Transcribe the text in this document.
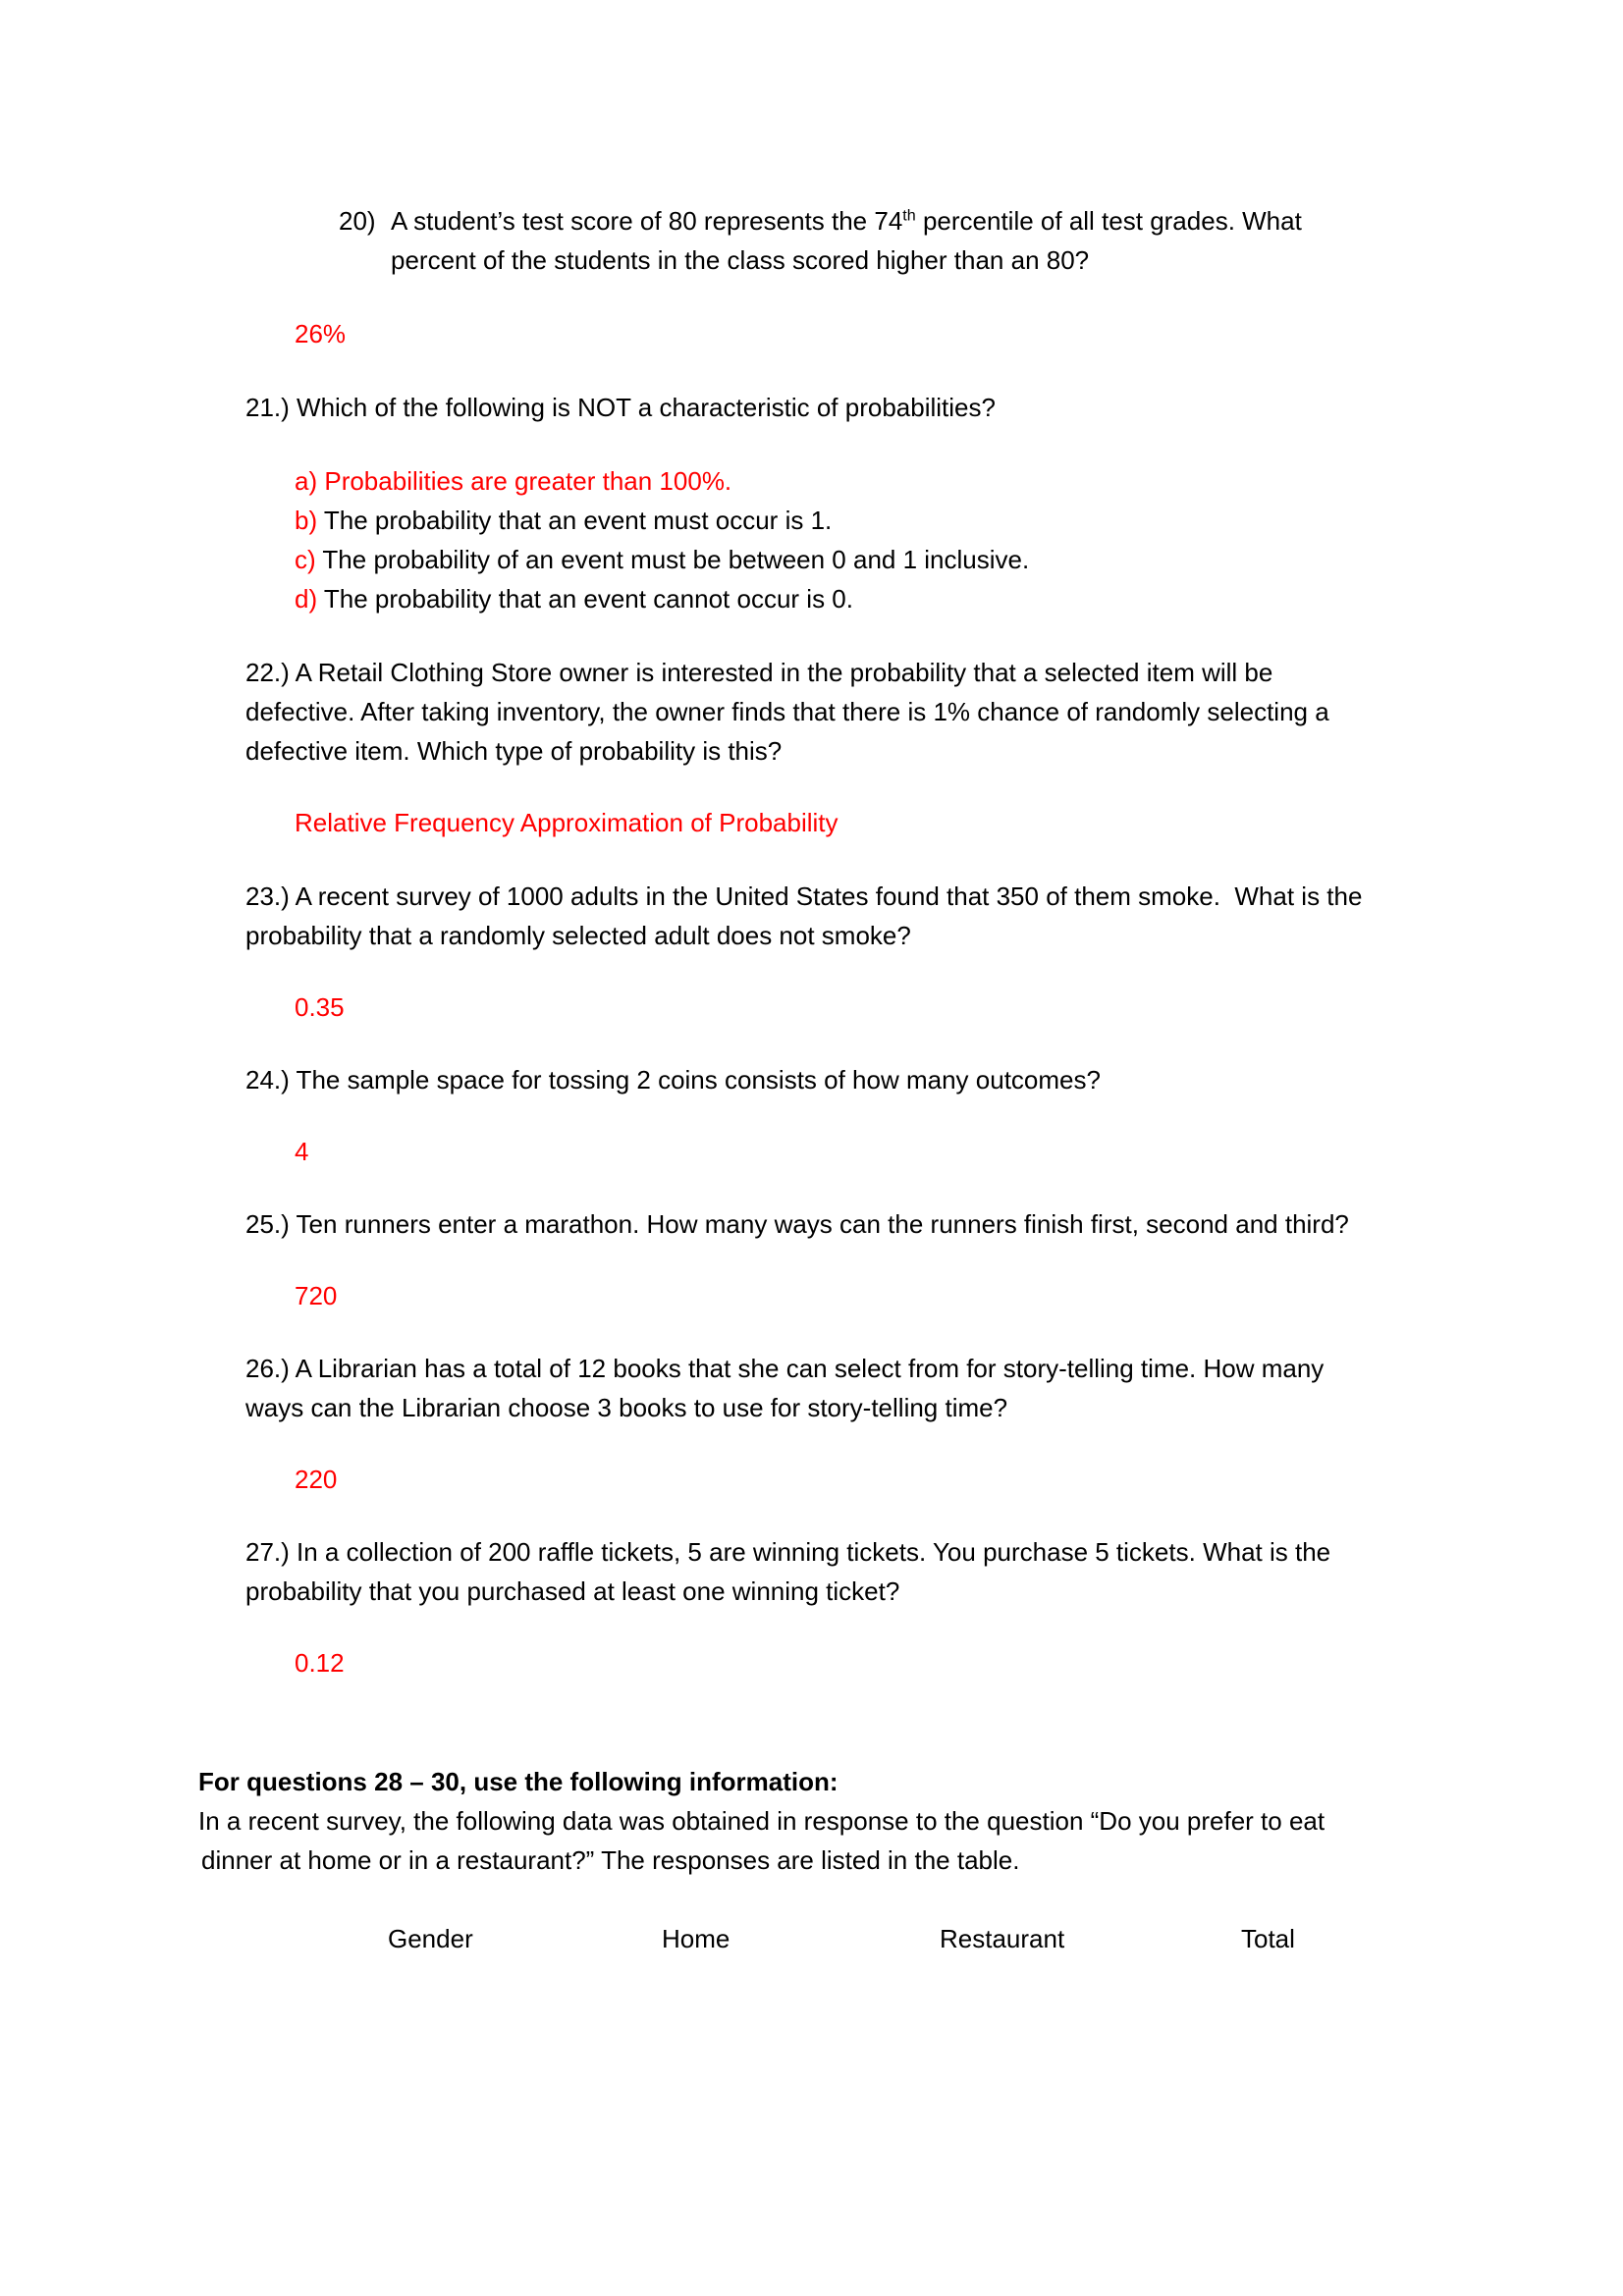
20) A student’s test score of 80 represents the 74th percentile of all test grades. What
percent of the students in the class scored higher than an 80?
26%
21.) Which of the following is NOT a characteristic of probabilities?
a) Probabilities are greater than 100%.
b) The probability that an event must occur is 1.
c) The probability of an event must be between 0 and 1 inclusive.
d) The probability that an event cannot occur is 0.
22.) A Retail Clothing Store owner is interested in the probability that a selected item will be
defective. After taking inventory, the owner finds that there is 1% chance of randomly selecting a
defective item. Which type of probability is this?
Relative Frequency Approximation of Probability
23.) A recent survey of 1000 adults in the United States found that 350 of them smoke.  What is the
probability that a randomly selected adult does not smoke?
0.35
24.) The sample space for tossing 2 coins consists of how many outcomes?
4
25.) Ten runners enter a marathon. How many ways can the runners finish first, second and third?
720
26.) A Librarian has a total of 12 books that she can select from for story-telling time. How many
ways can the Librarian choose 3 books to use for story-telling time?
220
27.) In a collection of 200 raffle tickets, 5 are winning tickets. You purchase 5 tickets. What is the
probability that you purchased at least one winning ticket?
0.12
For questions 28 – 30, use the following information:
In a recent survey, the following data was obtained in response to the question “Do you prefer to eat
dinner at home or in a restaurant?” The responses are listed in the table.
Gender	Home	Restaurant	Total
